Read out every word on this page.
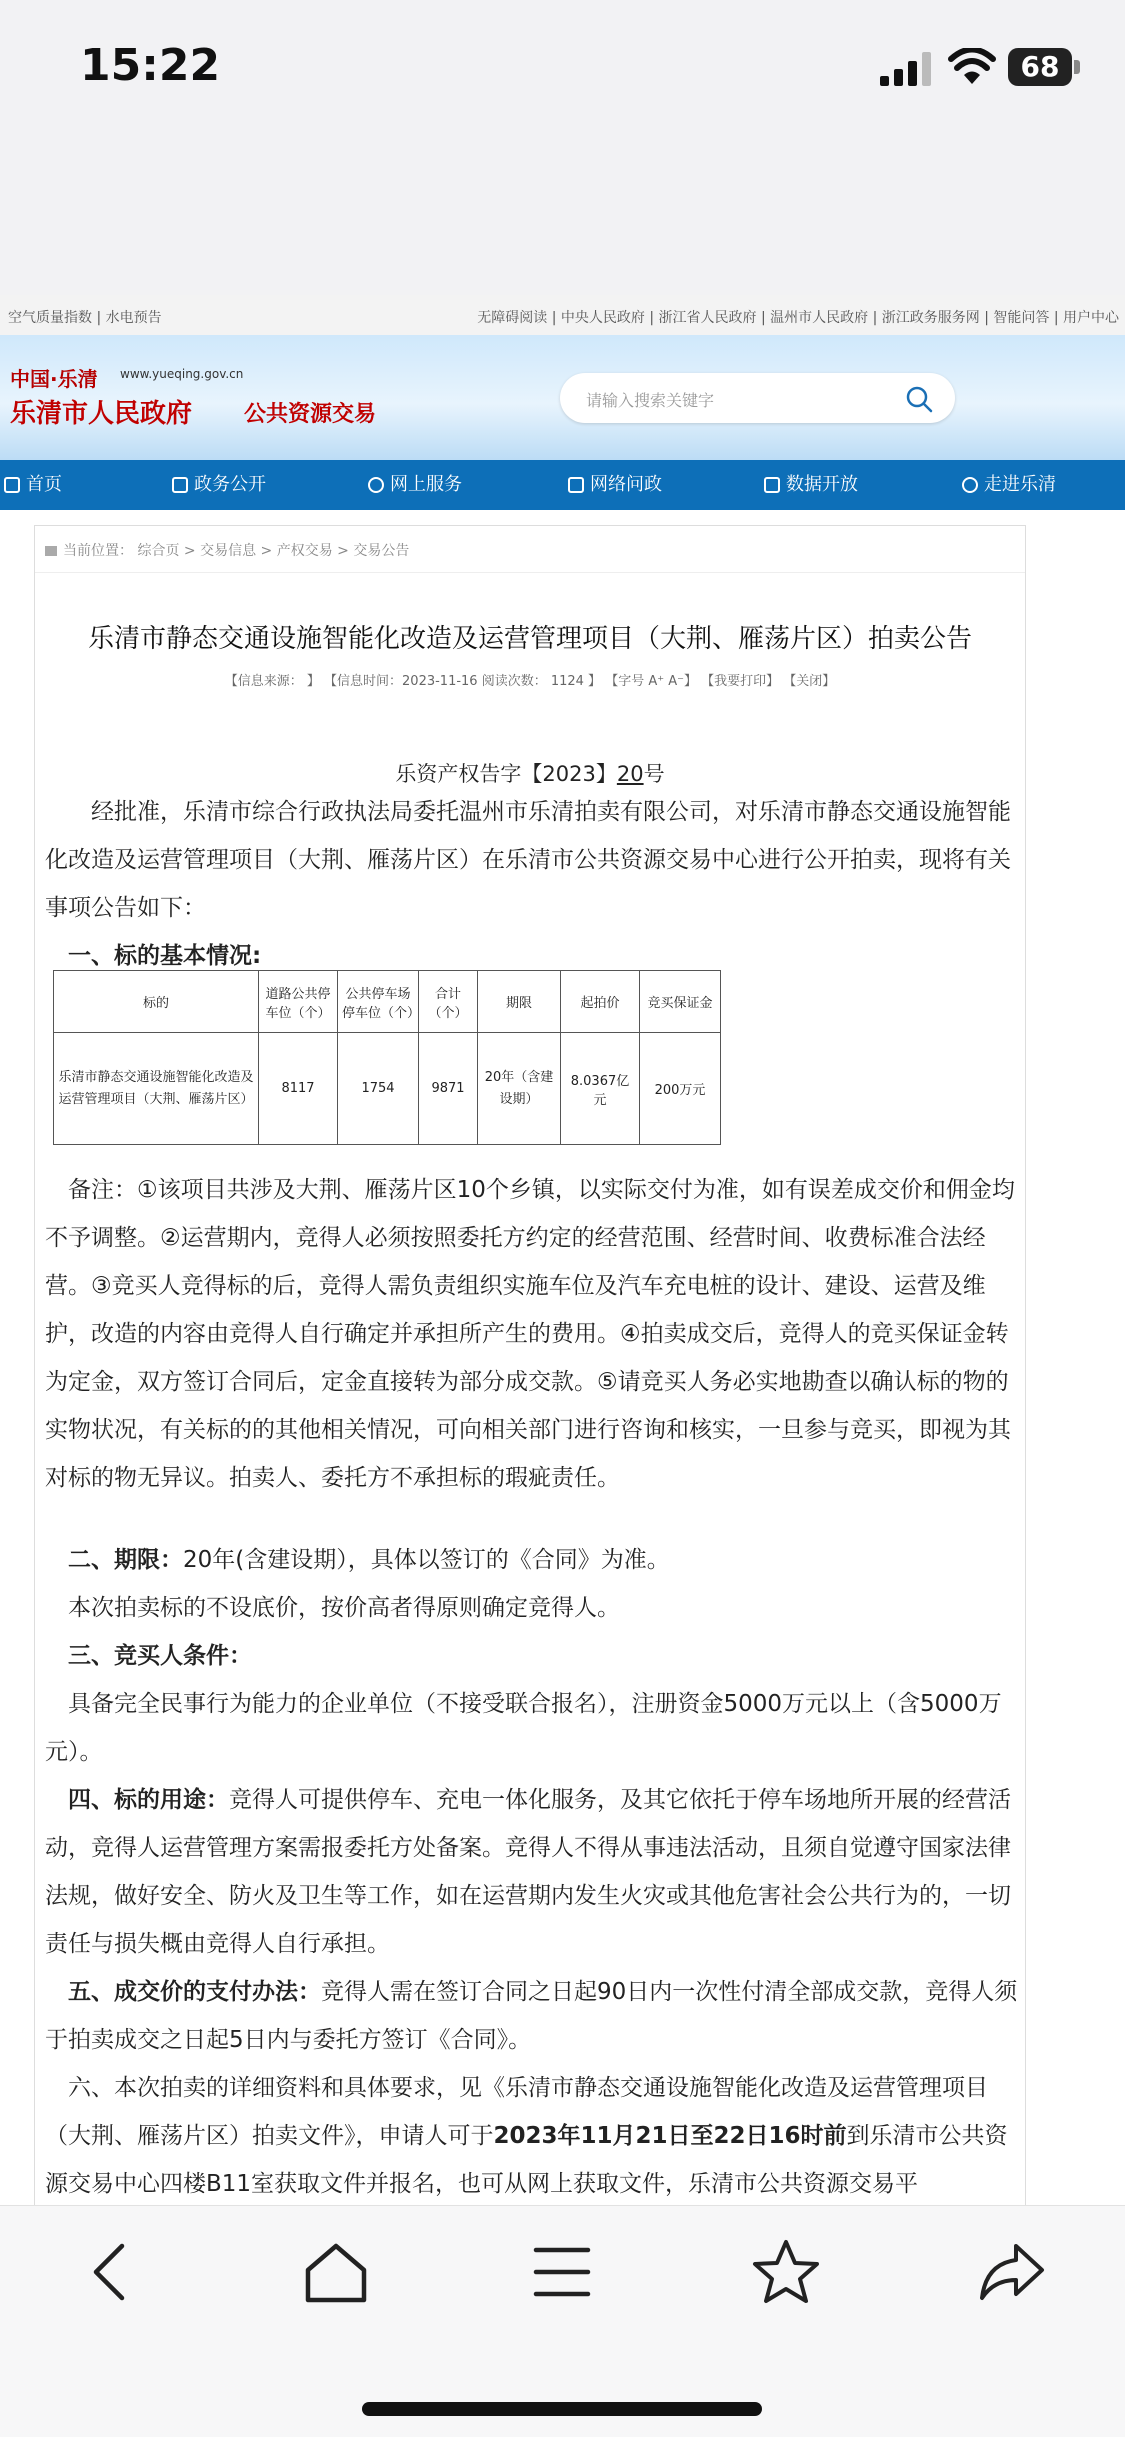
15:22	68
空气质量指数 | 水电预告	无障碍阅读 | 中央人民政府 | 浙江省人民政府 | 温州市人民政府 | 浙江政务服务网 | 智能问答 | 用户中心
中国·乐清 www.yueqing.gov.cn
乐清市人民政府 公共资源交易
请输入搜索关键字
首页	政务公开	网上服务	网络问政	数据开放	走进乐清
当前位置： 综合页 > 交易信息 > 产权交易 > 交易公告
乐清市静态交通设施智能化改造及运营管理项目（大荆、雁荡片区）拍卖公告
【信息来源： 】 【信息时间：2023-11-16 阅读次数： 1124 】 【字号 A⁺ A⁻】 【我要打印】 【关闭】
乐资产权告字【2023】20号
经批准，乐清市综合行政执法局委托温州市乐清拍卖有限公司，对乐清市静态交通设施智能化改造及运营管理项目（大荆、雁荡片区）在乐清市公共资源交易中心进行公开拍卖，现将有关事项公告如下：
一、标的基本情况:
标的	道路公共停车位（个）	公共停车场停车位（个）	合计（个）	期限	起拍价	竞买保证金
乐清市静态交通设施智能化改造及运营管理项目（大荆、雁荡片区）	8117	1754	9871	20年（含建设期）	8.0367亿元	200万元
备注：①该项目共涉及大荆、雁荡片区10个乡镇，以实际交付为准，如有误差成交价和佣金均不予调整。②运营期内，竞得人必须按照委托方约定的经营范围、经营时间、收费标准合法经营。③竞买人竞得标的后，竞得人需负责组织实施车位及汽车充电桩的设计、建设、运营及维护，改造的内容由竞得人自行确定并承担所产生的费用。④拍卖成交后，竞得人的竞买保证金转为定金，双方签订合同后，定金直接转为部分成交款。⑤请竞买人务必实地勘查以确认标的物的实物状况，有关标的的其他相关情况，可向相关部门进行咨询和核实，一旦参与竞买，即视为其对标的物无异议。拍卖人、委托方不承担标的瑕疵责任。
二、期限：20年(含建设期），具体以签订的《合同》为准。
本次拍卖标的不设底价，按价高者得原则确定竞得人。
三、竞买人条件：
具备完全民事行为能力的企业单位（不接受联合报名），注册资金5000万元以上（含5000万元）。
四、标的用途：竞得人可提供停车、充电一体化服务，及其它依托于停车场地所开展的经营活动，竞得人运营管理方案需报委托方处备案。竞得人不得从事违法活动，且须自觉遵守国家法律法规，做好安全、防火及卫生等工作，如在运营期内发生火灾或其他危害社会公共行为的，一切责任与损失概由竞得人自行承担。
五、成交价的支付办法：竞得人需在签订合同之日起90日内一次性付清全部成交款，竞得人须于拍卖成交之日起5日内与委托方签订《合同》。
六、本次拍卖的详细资料和具体要求，见《乐清市静态交通设施智能化改造及运营管理项目（大荆、雁荡片区）拍卖文件》，申请人可于2023年11月21日至22日16时前到乐清市公共资源交易中心四楼B11室获取文件并报名，也可从网上获取文件，乐清市公共资源交易平
